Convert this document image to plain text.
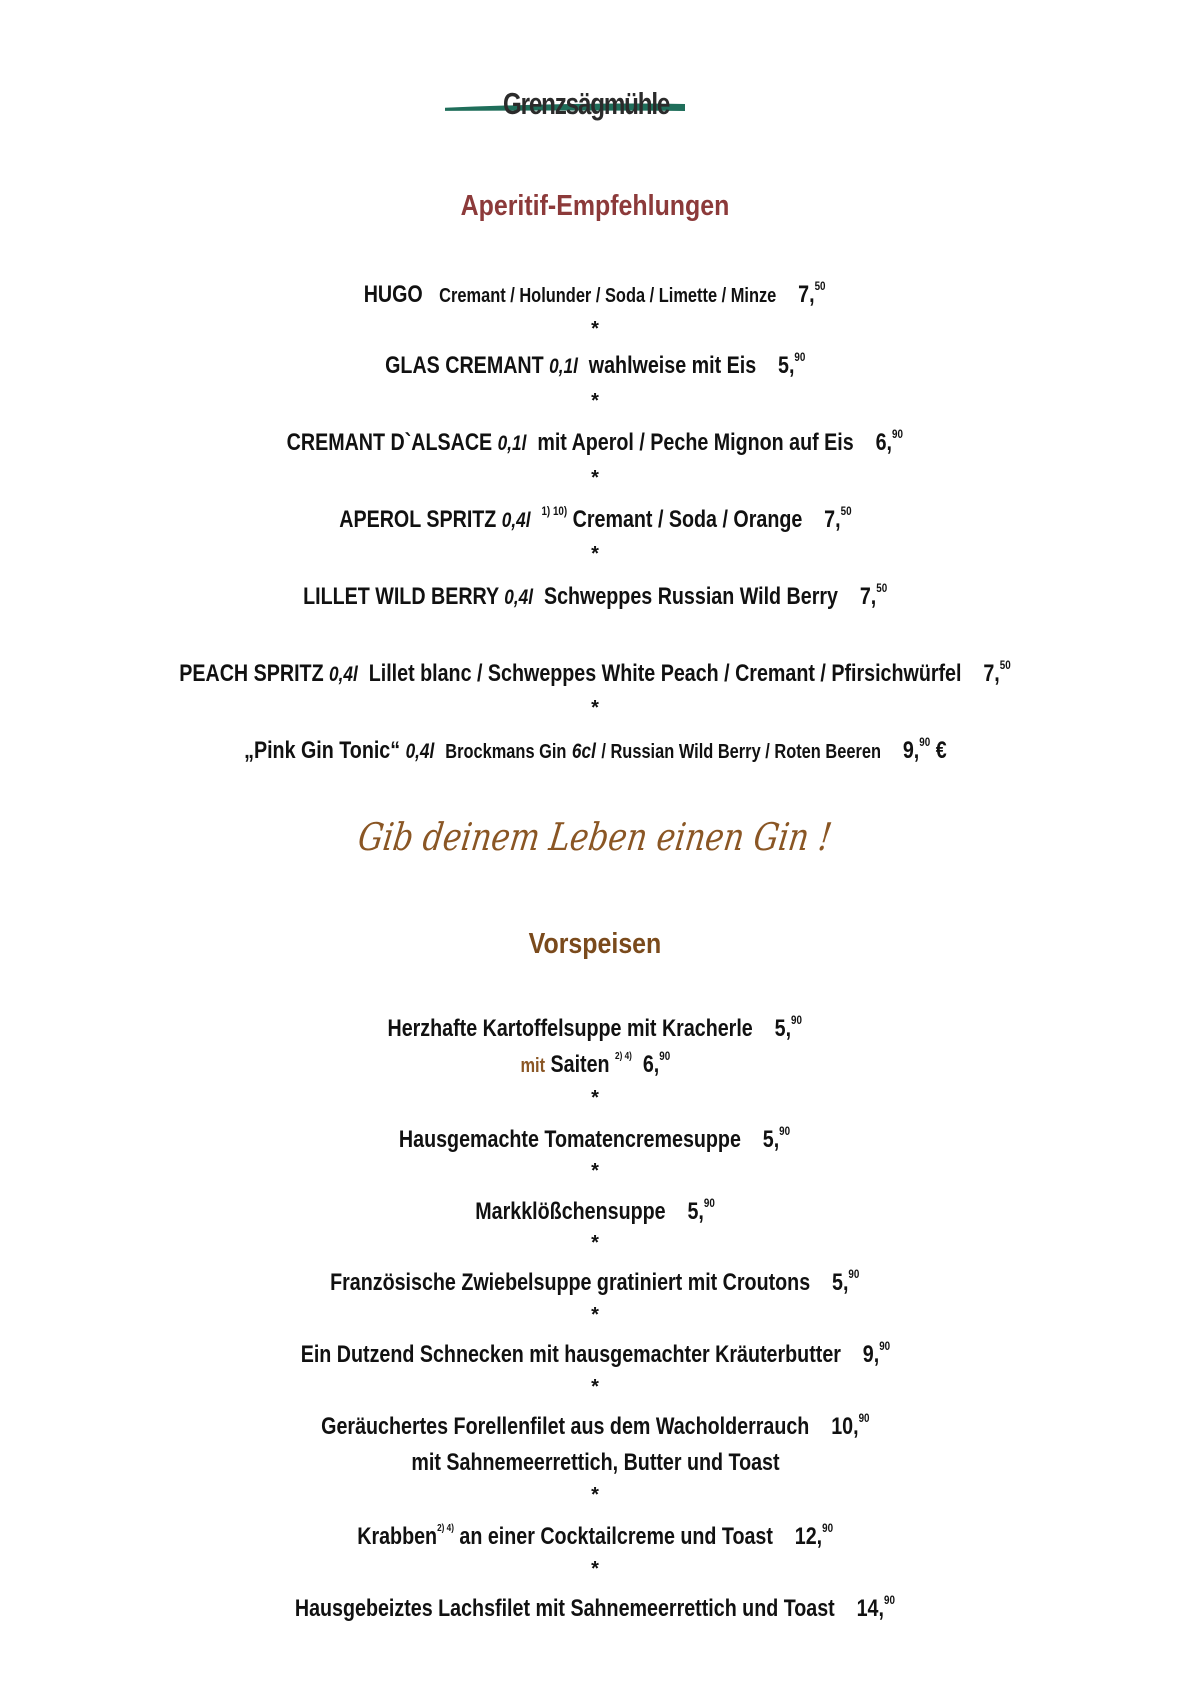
Grenzsägmühle
Aperitif-Empfehlungen
HUGO Cremant / Holunder / Soda / Limette / Minze 7,50
*
GLAS CREMANT 0,1l wahlweise mit Eis 5,90
*
CREMANT D`ALSACE 0,1l mit Aperol / Peche Mignon auf Eis 6,90
*
APEROL SPRITZ 0,4l $^{1) 10)}$ Cremant / Soda / Orange 7,50
*
LILLET WILD BERRY 0,4l Schweppes Russian Wild Berry 7,50
PEACH SPRITZ 0,4l Lillet blanc / Schweppes White Peach / Cremant / Pfirsichwürfel 7,50
*
„Pink Gin Tonic“ 0,4l Brockmans Gin 6cl / Russian Wild Berry / Roten Beeren 9,90 €
Gib deinem Leben einen Gin !
Vorspeisen
Herzhafte Kartoffelsuppe mit Kracherle 5,90
mit Saiten $^{2) 4)}$ 6,90
*
Hausgemachte Tomatencremesuppe 5,90
*
Markklößchensuppe 5,90
*
Französische Zwiebelsuppe gratiniert mit Croutons 5,90
*
Ein Dutzend Schnecken mit hausgemachter Kräuterbutter 9,90
*
Geräuchertes Forellenfilet aus dem Wacholderrauch 10,90
mit Sahnemeerrettich, Butter und Toast
*
Krabben$^{2) 4)}$ an einer Cocktailcreme und Toast 12,90
*
Hausgebeiztes Lachsfilet mit Sahnemeerrettich und Toast 14,90
